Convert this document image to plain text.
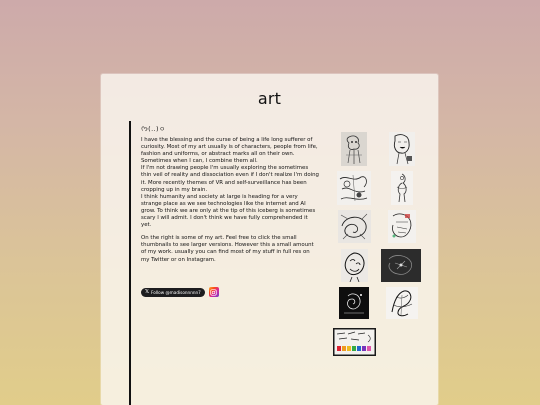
art
ᢉ𐭩(..)ㅇ

I have the blessing and the curse of being a life long sufferer of curiosity. Most of my art usually is of characters, people from life, fashion and uniforms, or abstract marks all on their own. Sometimes when I can, I combine them all.

If I'm not drawing people I'm usually exploring the sometimes thin veil of reality and dissociation even if I don't realize I'm doing it. More recently themes of VR and self-surveillance has been cropping up in my brain.

I think humanity and society at large is heading for a very strange place as we see technologies like the internet and AI grow. To think we are only at the tip of this iceberg is sometimes scary I will admit. I don't think we have fully comprehended it yet.

On the right is some of my art. Feel free to click the small thumbnails to see larger versions. However this a small amount of my work. usually you can find most of my stuff in full res on my Twitter or on Instagram.

𝕏 Follow @madisonnnnn7
